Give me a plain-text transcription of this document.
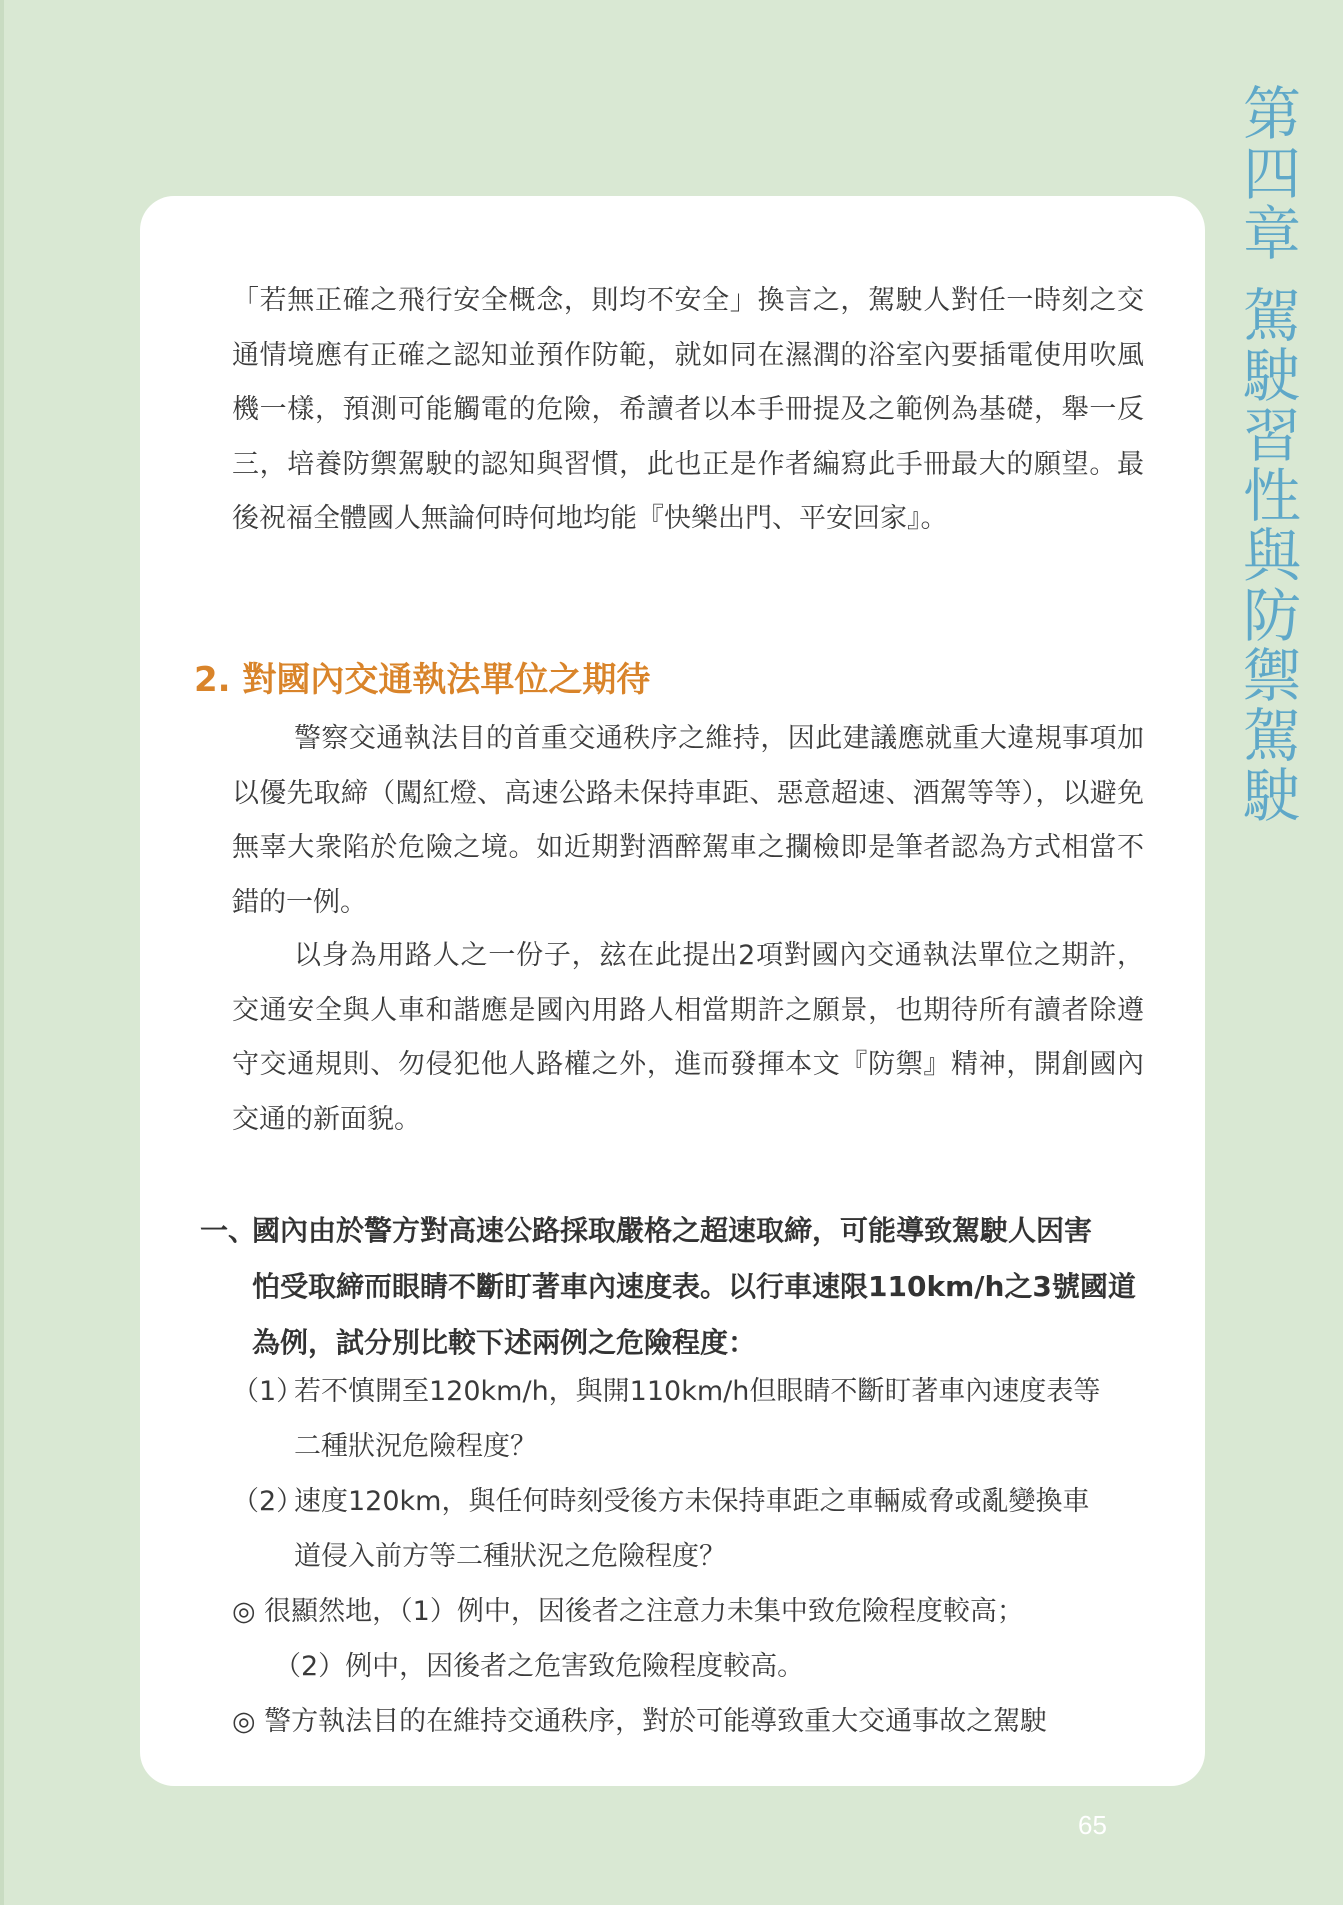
第四章
駕駛習性與防禦駕駛

「若無正確之飛行安全概念，則均不安全」換言之，駕駛人對任一時刻之交通情境應有正確之認知並預作防範，就如同在濕潤的浴室內要插電使用吹風機一樣，預測可能觸電的危險，希讀者以本手冊提及之範例為基礎，舉一反三，培養防禦駕駛的認知與習慣，此也正是作者編寫此手冊最大的願望。最後祝福全體國人無論何時何地均能『快樂出門、平安回家』。

2. 對國內交通執法單位之期待

警察交通執法目的首重交通秩序之維持，因此建議應就重大違規事項加以優先取締（闖紅燈、高速公路未保持車距、惡意超速、酒駕等等），以避免無辜大衆陷於危險之境。如近期對酒醉駕車之攔檢即是筆者認為方式相當不錯的一例。

以身為用路人之一份子，玆在此提出2項對國內交通執法單位之期許，交通安全與人車和諧應是國內用路人相當期許之願景，也期待所有讀者除遵守交通規則、勿侵犯他人路權之外，進而發揮本文『防禦』精神，開創國內交通的新面貌。

一、國內由於警方對高速公路採取嚴格之超速取締，可能導致駕駛人因害
怕受取締而眼睛不斷盯著車內速度表。以行車速限110km/h之3號國道為例，試分別比較下述兩例之危險程度：
（1）若不慎開至120km/h，與開110km/h但眼睛不斷盯著車內速度表等
二種狀況危險程度？
（2）速度120km，與任何時刻受後方未保持車距之車輛威脅或亂變換車
道侵入前方等二種狀況之危險程度？
◎ 很顯然地，（1）例中，因後者之注意力未集中致危險程度較高；
（2）例中，因後者之危害致危險程度較高。
◎ 警方執法目的在維持交通秩序，對於可能導致重大交通事故之駕駛
65
